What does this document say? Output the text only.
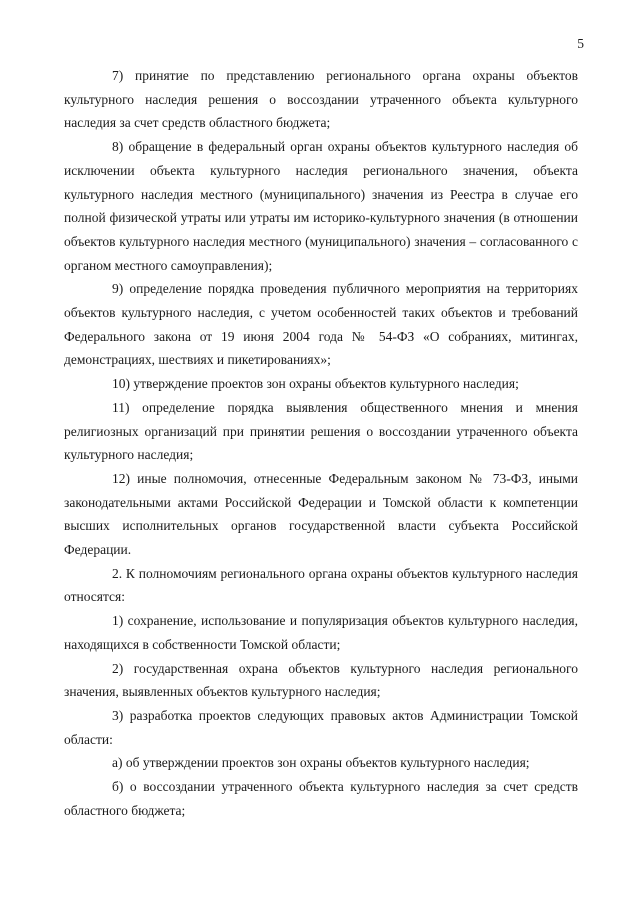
5

7) принятие по представлению регионального органа охраны объектов культурного наследия решения о воссоздании утраченного объекта культурного наследия за счет средств областного бюджета;

8) обращение в федеральный орган охраны объектов культурного наследия об исключении объекта культурного наследия регионального значения, объекта культурного наследия местного (муниципального) значения из Реестра в случае его полной физической утраты или утраты им историко-культурного значения (в отношении объектов культурного наследия местного (муниципального) значения – согласованного с органом местного самоуправления);

9) определение порядка проведения публичного мероприятия на территориях объектов культурного наследия, с учетом особенностей таких объектов и требований Федерального закона от 19 июня 2004 года № 54-ФЗ «О собраниях, митингах, демонстрациях, шествиях и пикетированиях»;

10) утверждение проектов зон охраны объектов культурного наследия;

11) определение порядка выявления общественного мнения и мнения религиозных организаций при принятии решения о воссоздании утраченного объекта культурного наследия;

12) иные полномочия, отнесенные Федеральным законом № 73-ФЗ, иными законодательными актами Российской Федерации и Томской области к компетенции высших исполнительных органов государственной власти субъекта Российской Федерации.

2. К полномочиям регионального органа охраны объектов культурного наследия относятся:

1) сохранение, использование и популяризация объектов культурного наследия, находящихся в собственности Томской области;

2) государственная охрана объектов культурного наследия регионального значения, выявленных объектов культурного наследия;

3) разработка проектов следующих правовых актов Администрации Томской области:

а) об утверждении проектов зон охраны объектов культурного наследия;

б) о воссоздании утраченного объекта культурного наследия за счет средств областного бюджета;
